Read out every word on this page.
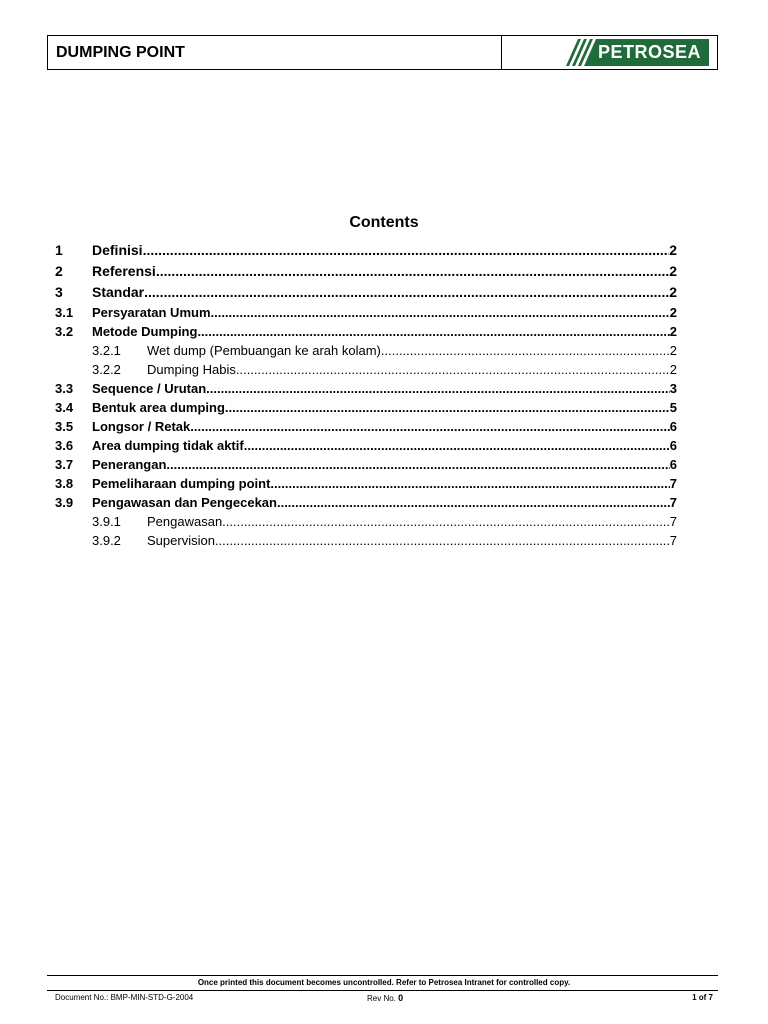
DUMPING POINT	PETROSEA
Contents
1	Definisi .....	2
2	Referensi .....	2
3	Standar .....	2
3.1	Persyaratan Umum .....	2
3.2	Metode Dumping .....	2
3.2.1	Wet dump (Pembuangan ke arah kolam) .....	2
3.2.2	Dumping Habis .....	2
3.3	Sequence / Urutan .....	3
3.4	Bentuk area dumping .....	5
3.5	Longsor / Retak .....	6
3.6	Area dumping tidak aktif .....	6
3.7	Penerangan .....	6
3.8	Pemeliharaan dumping point .....	7
3.9	Pengawasan dan Pengecekan .....	7
3.9.1	Pengawasan .....	7
3.9.2	Supervision .....	7
Once printed this document becomes uncontrolled. Refer to Petrosea Intranet for controlled copy.
Document No.: BMP-MIN-STD-G-2004	Rev No. 0	1 of 7
